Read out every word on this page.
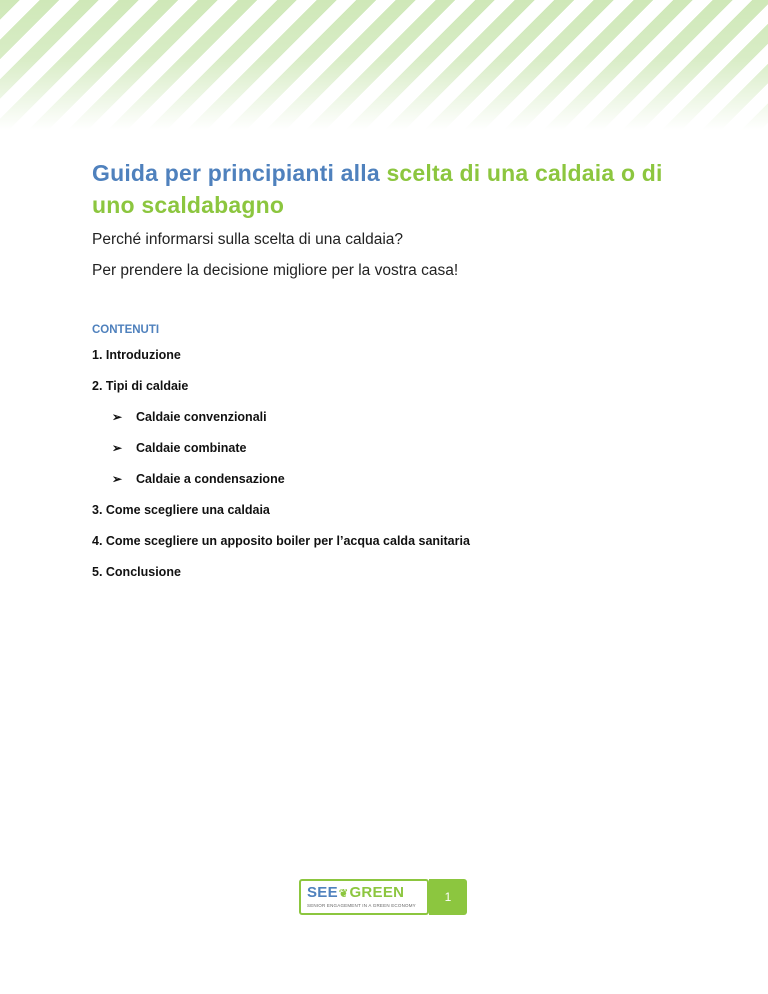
Guida per principianti alla scelta di una caldaia o di uno scaldabagno

Perché informarsi sulla scelta di una caldaia?

Per prendere la decisione migliore per la vostra casa!

CONTENUTI
1. Introduzione
2. Tipi di caldaie
➢ Caldaie convenzionali
➢ Caldaie combinate
➢ Caldaie a condensazione
3. Come scegliere una caldaia
4. Come scegliere un apposito boiler per l’acqua calda sanitaria
5. Conclusione
SEE❦GREEN
SENIOR ENGAGEMENT IN A GREEN ECONOMY
1
